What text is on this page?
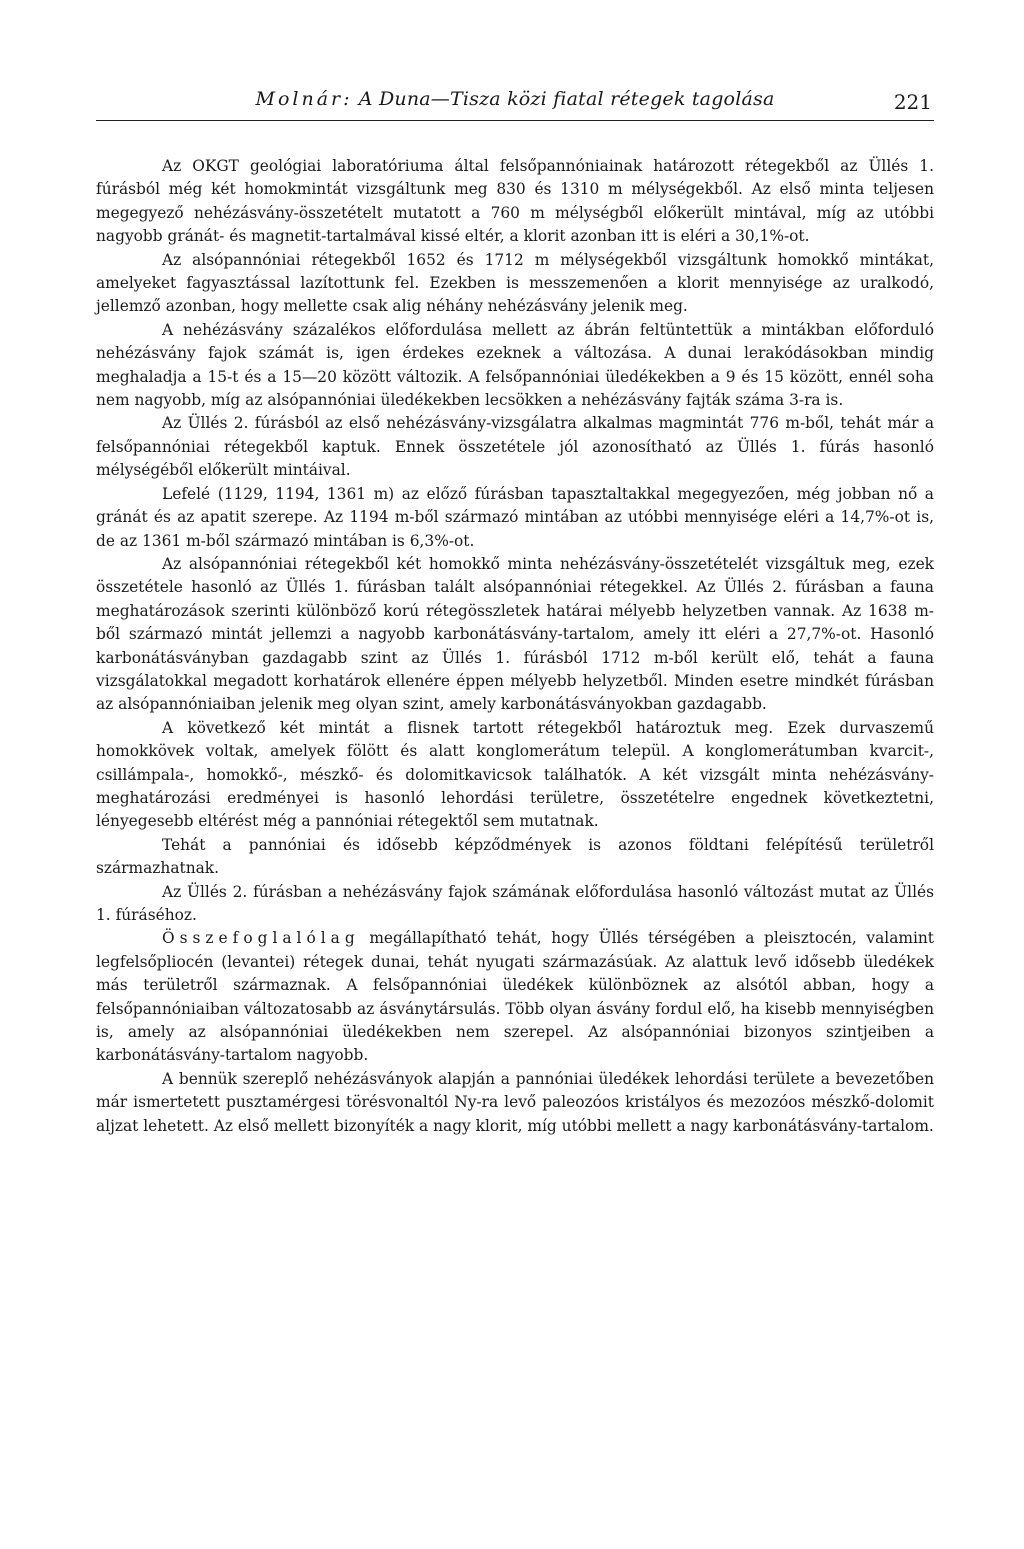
Molnár: A Duna—Tisza közi fiatal rétegek tagolása	221

Az OKGT geológiai laboratóriuma által felsőpannóniainak határozott rétegekből az Üllés 1. fúrásból még két homokmintát vizsgáltunk meg 830 és 1310 m mélységekből. Az első minta teljesen megegyező nehézásvány-összetételt mutatott a 760 m mélységből előkerült mintával, míg az utóbbi nagyobb gránát- és magnetit-tartalmával kissé eltér, a klorit azonban itt is eléri a 30,1%-ot.

Az alsópannóniai rétegekből 1652 és 1712 m mélységekből vizsgáltunk homokkő mintákat, amelyeket fagyasztással lazítottunk fel. Ezekben is messzemenően a klorit mennyisége az uralkodó, jellemző azonban, hogy mellette csak alig néhány nehézásvány jelenik meg.

A nehézásvány százalékos előfordulása mellett az ábrán feltüntettük a mintákban előforduló nehézásvány fajok számát is, igen érdekes ezeknek a változása. A dunai lerakódásokban mindig meghaladja a 15-t és a 15—20 között változik. A felsőpannóniai üledékekben a 9 és 15 között, ennél soha nem nagyobb, míg az alsópannóniai üledékekben lecsökken a nehézásvány fajták száma 3-ra is.

Az Üllés 2. fúrásból az első nehézásvány-vizsgálatra alkalmas magmintát 776 m-ből, tehát már a felsőpannóniai rétegekből kaptuk. Ennek összetétele jól azonosítható az Üllés 1. fúrás hasonló mélységéből előkerült mintáival.

Lefelé (1129, 1194, 1361 m) az előző fúrásban tapasztaltakkal megegyezően, még jobban nő a gránát és az apatit szerepe. Az 1194 m-ből származó mintában az utóbbi mennyisége eléri a 14,7%-ot is, de az 1361 m-ből származó mintában is 6,3%-ot.

Az alsópannóniai rétegekből két homokkő minta nehézásvány-összetételét vizsgáltuk meg, ezek összetétele hasonló az Üllés 1. fúrásban talált alsópannóniai rétegekkel. Az Üllés 2. fúrásban a fauna meghatározások szerinti különböző korú rétegösszletek határai mélyebb helyzetben vannak. Az 1638 m-ből származó mintát jellemzi a nagyobb karbonátásvány-tartalom, amely itt eléri a 27,7%-ot. Hasonló karbonátásványban gazdagabb szint az Üllés 1. fúrásból 1712 m-ből került elő, tehát a fauna vizsgálatokkal megadott korhatárok ellenére éppen mélyebb helyzetből. Minden esetre mindkét fúrásban az alsópannóniaiban jelenik meg olyan szint, amely karbonátásványokban gazdagabb.

A következő két mintát a flisnek tartott rétegekből határoztuk meg. Ezek durvaszemű homokkövek voltak, amelyek fölött és alatt konglomerátum települ. A konglomerátumban kvarcit-, csillámpala-, homokkő-, mészkő- és dolomitkavicsok találhatók. A két vizsgált minta nehézásvány-meghatározási eredményei is hasonló lehordási területre, összetételre engednek következtetni, lényegesebb eltérést még a pannóniai rétegektől sem mutatnak.

Tehát a pannóniai és idősebb képződmények is azonos földtani felépítésű területről származhatnak.

Az Üllés 2. fúrásban a nehézásvány fajok számának előfordulása hasonló változást mutat az Üllés 1. fúráséhoz.

Összefoglalólag megállapítható tehát, hogy Üllés térségében a pleisztocén, valamint legfelsőpliocén (levantei) rétegek dunai, tehát nyugati származásúak. Az alattuk levő idősebb üledékek más területről származnak. A felsőpannóniai üledékek különböznek az alsótól abban, hogy a felsőpannóniaiban változatosabb az ásványtársulás. Több olyan ásvány fordul elő, ha kisebb mennyiségben is, amely az alsópannóniai üledékekben nem szerepel. Az alsópannóniai bizonyos szintjeiben a karbonátásvány-tartalom nagyobb.

A bennük szereplő nehézásványok alapján a pannóniai üledékek lehordási területe a bevezetőben már ismertetett pusztamérgesi törésvonaltól Ny-ra levő paleozóos kristályos és mezozóos mészkő-dolomit aljzat lehetett. Az első mellett bizonyíték a nagy klorit, míg utóbbi mellett a nagy karbonátásvány-tartalom.
